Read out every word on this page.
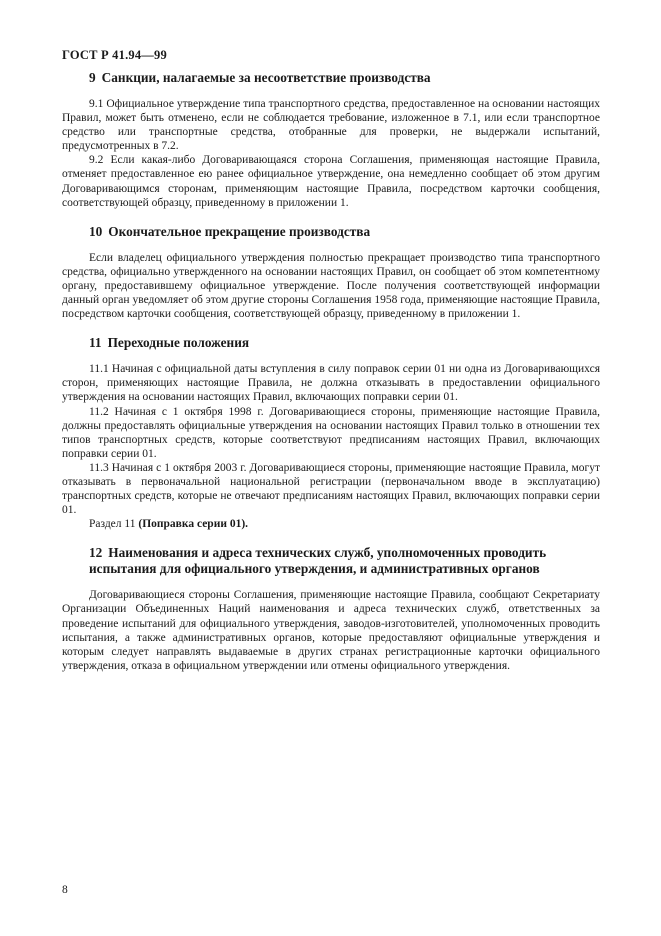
ГОСТ Р 41.94—99
9 Санкции, налагаемые за несоответствие производства

9.1 Официальное утверждение типа транспортного средства, предоставленное на основании настоящих Правил, может быть отменено, если не соблюдается требование, изложенное в 7.1, или если транспортное средство или транспортные средства, отобранные для проверки, не выдержали испытаний, предусмотренных в 7.2.

9.2 Если какая-либо Договаривающаяся сторона Соглашения, применяющая настоящие Правила, отменяет предоставленное ею ранее официальное утверждение, она немедленно сообщает об этом другим Договаривающимся сторонам, применяющим настоящие Правила, посредством карточки сообщения, соответствующей образцу, приведенному в приложении 1.

10 Окончательное прекращение производства

Если владелец официального утверждения полностью прекращает производство типа транспортного средства, официально утвержденного на основании настоящих Правил, он сообщает об этом компетентному органу, предоставившему официальное утверждение. После получения соответствующей информации данный орган уведомляет об этом другие стороны Соглашения 1958 года, применяющие настоящие Правила, посредством карточки сообщения, соответствующей образцу, приведенному в приложении 1.

11 Переходные положения

11.1 Начиная с официальной даты вступления в силу поправок серии 01 ни одна из Договаривающихся сторон, применяющих настоящие Правила, не должна отказывать в предоставлении официального утверждения на основании настоящих Правил, включающих поправки серии 01.

11.2 Начиная с 1 октября 1998 г. Договаривающиеся стороны, применяющие настоящие Правила, должны предоставлять официальные утверждения на основании настоящих Правил только в отношении тех типов транспортных средств, которые соответствуют предписаниям настоящих Правил, включающих поправки серии 01.

11.3 Начиная с 1 октября 2003 г. Договаривающиеся стороны, применяющие настоящие Правила, могут отказывать в первоначальной национальной регистрации (первоначальном вводе в эксплуатацию) транспортных средств, которые не отвечают предписаниям настоящих Правил, включающих поправки серии 01.

Раздел 11 (Поправка серии 01).

12 Наименования и адреса технических служб, уполномоченных проводить испытания для официального утверждения, и административных органов

Договаривающиеся стороны Соглашения, применяющие настоящие Правила, сообщают Секретариату Организации Объединенных Наций наименования и адреса технических служб, ответственных за проведение испытаний для официального утверждения, заводов-изготовителей, уполномоченных проводить испытания, а также административных органов, которые предоставляют официальные утверждения и которым следует направлять выдаваемые в других странах регистрационные карточки официального утверждения, отказа в официальном утверждении или отмены официального утверждения.

8
